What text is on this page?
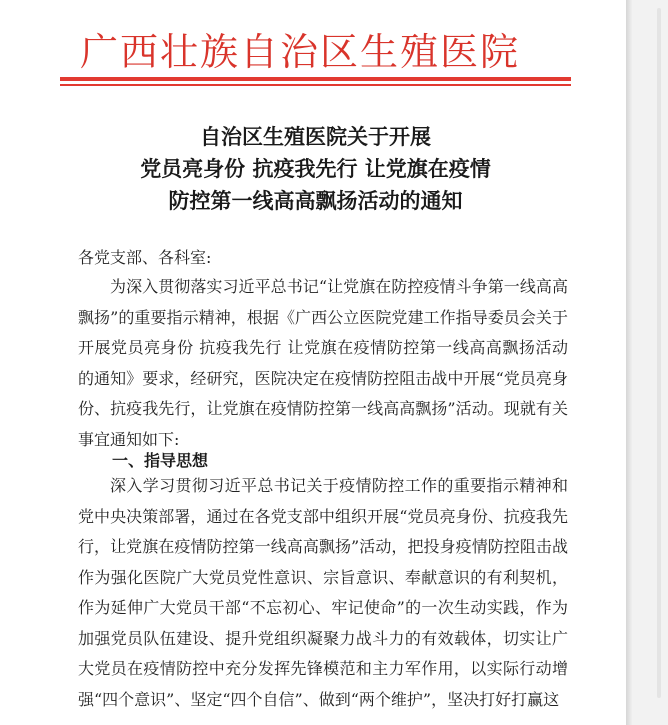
广西壮族自治区生殖医院
自治区生殖医院关于开展
党员亮身份 抗疫我先行 让党旗在疫情
防控第一线高高飘扬活动的通知
各党支部、各科室:

为深入贯彻落实习近平总书记“让党旗在防控疫情斗争第一线高高飘扬”的重要指示精神，根据《广西公立医院党建工作指导委员会关于开展党员亮身份 抗疫我先行 让党旗在疫情防控第一线高高飘扬活动的通知》要求，经研究，医院决定在疫情防控阻击战中开展“党员亮身份、抗疫我先行，让党旗在疫情防控第一线高高飘扬”活动。现就有关事宜通知如下:

一、指导思想

深入学习贯彻习近平总书记关于疫情防控工作的重要指示精神和党中央决策部署，通过在各党支部中组织开展“党员亮身份、抗疫我先行，让党旗在疫情防控第一线高高飘扬”活动，把投身疫情防控阻击战作为强化医院广大党员党性意识、宗旨意识、奉献意识的有利契机，作为延伸广大党员干部“不忘初心、牢记使命”的一次生动实践，作为加强党员队伍建设、提升党组织凝聚力战斗力的有效载体，切实让广大党员在疫情防控中充分发挥先锋模范和主力军作用，以实际行动增强“四个意识”、坚定“四个自信”、做到“两个维护”，坚决打好打赢这
